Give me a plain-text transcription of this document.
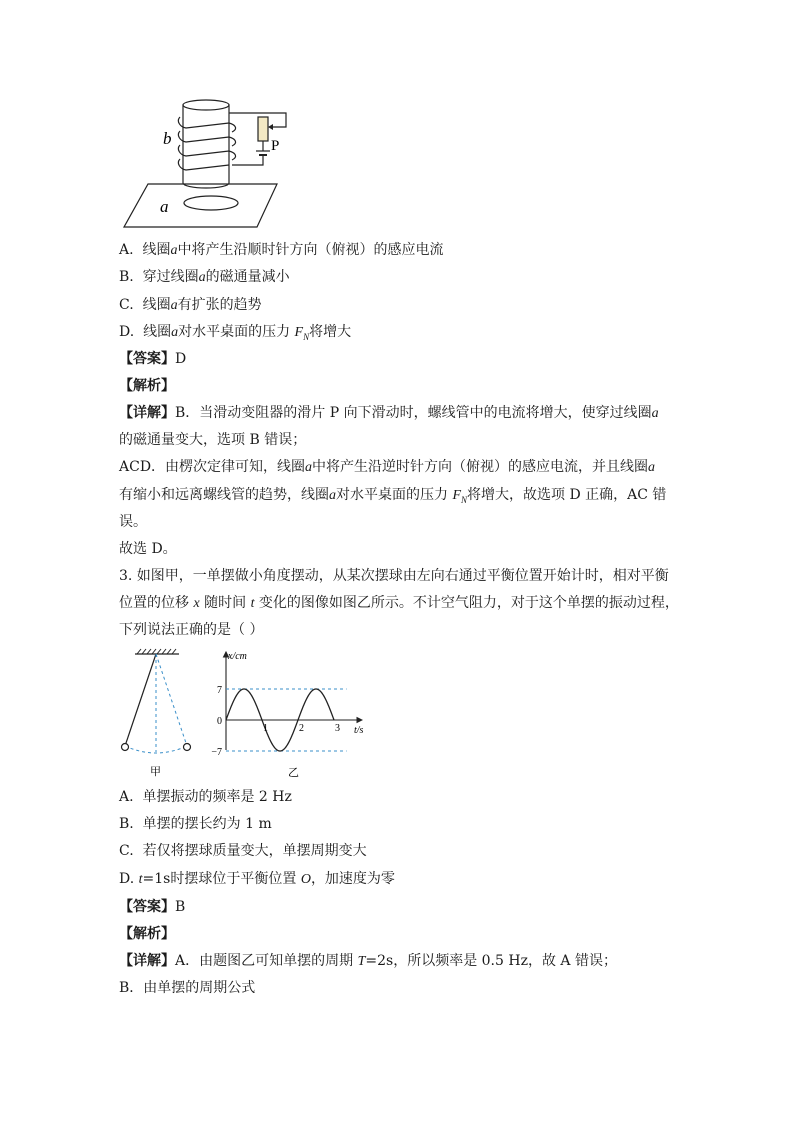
b	P
a
A. 线圈a中将产生沿顺时针方向（俯视）的感应电流
B. 穿过线圈a的磁通量减小
C. 线圈a有扩张的趋势
D. 线圈a对水平桌面的压力 $F_N$将增大
【答案】D
【解析】
【详解】B．当滑动变阻器的滑片 P 向下滑动时，螺线管中的电流将增大，使穿过线圈a
的磁通量变大，选项 B 错误；
ACD．由楞次定律可知，线圈a中将产生沿逆时针方向（俯视）的感应电流，并且线圈a
有缩小和远离螺线管的趋势，线圈a对水平桌面的压力 $F_N$将增大，故选项 D 正确，AC 错
误。
故选 D。
3. 如图甲，一单摆做小角度摆动，从某次摆球由左向右通过平衡位置开始计时，相对平衡
位置的位移 x 随时间 t 变化的图像如图乙所示。不计空气阻力，对于这个单摆的振动过程，
下列说法正确的是（ ）
甲
x/cm
t/s
1	2	3
7
0
−7
乙
A. 单摆振动的频率是 2 Hz
B. 单摆的摆长约为 1 m
C. 若仅将摆球质量变大，单摆周期变大
D. t=1s时摆球位于平衡位置 O，加速度为零
【答案】B
【解析】
【详解】A．由题图乙可知单摆的周期 T=2s，所以频率是 0.5 Hz，故 A 错误；
B．由单摆的周期公式
